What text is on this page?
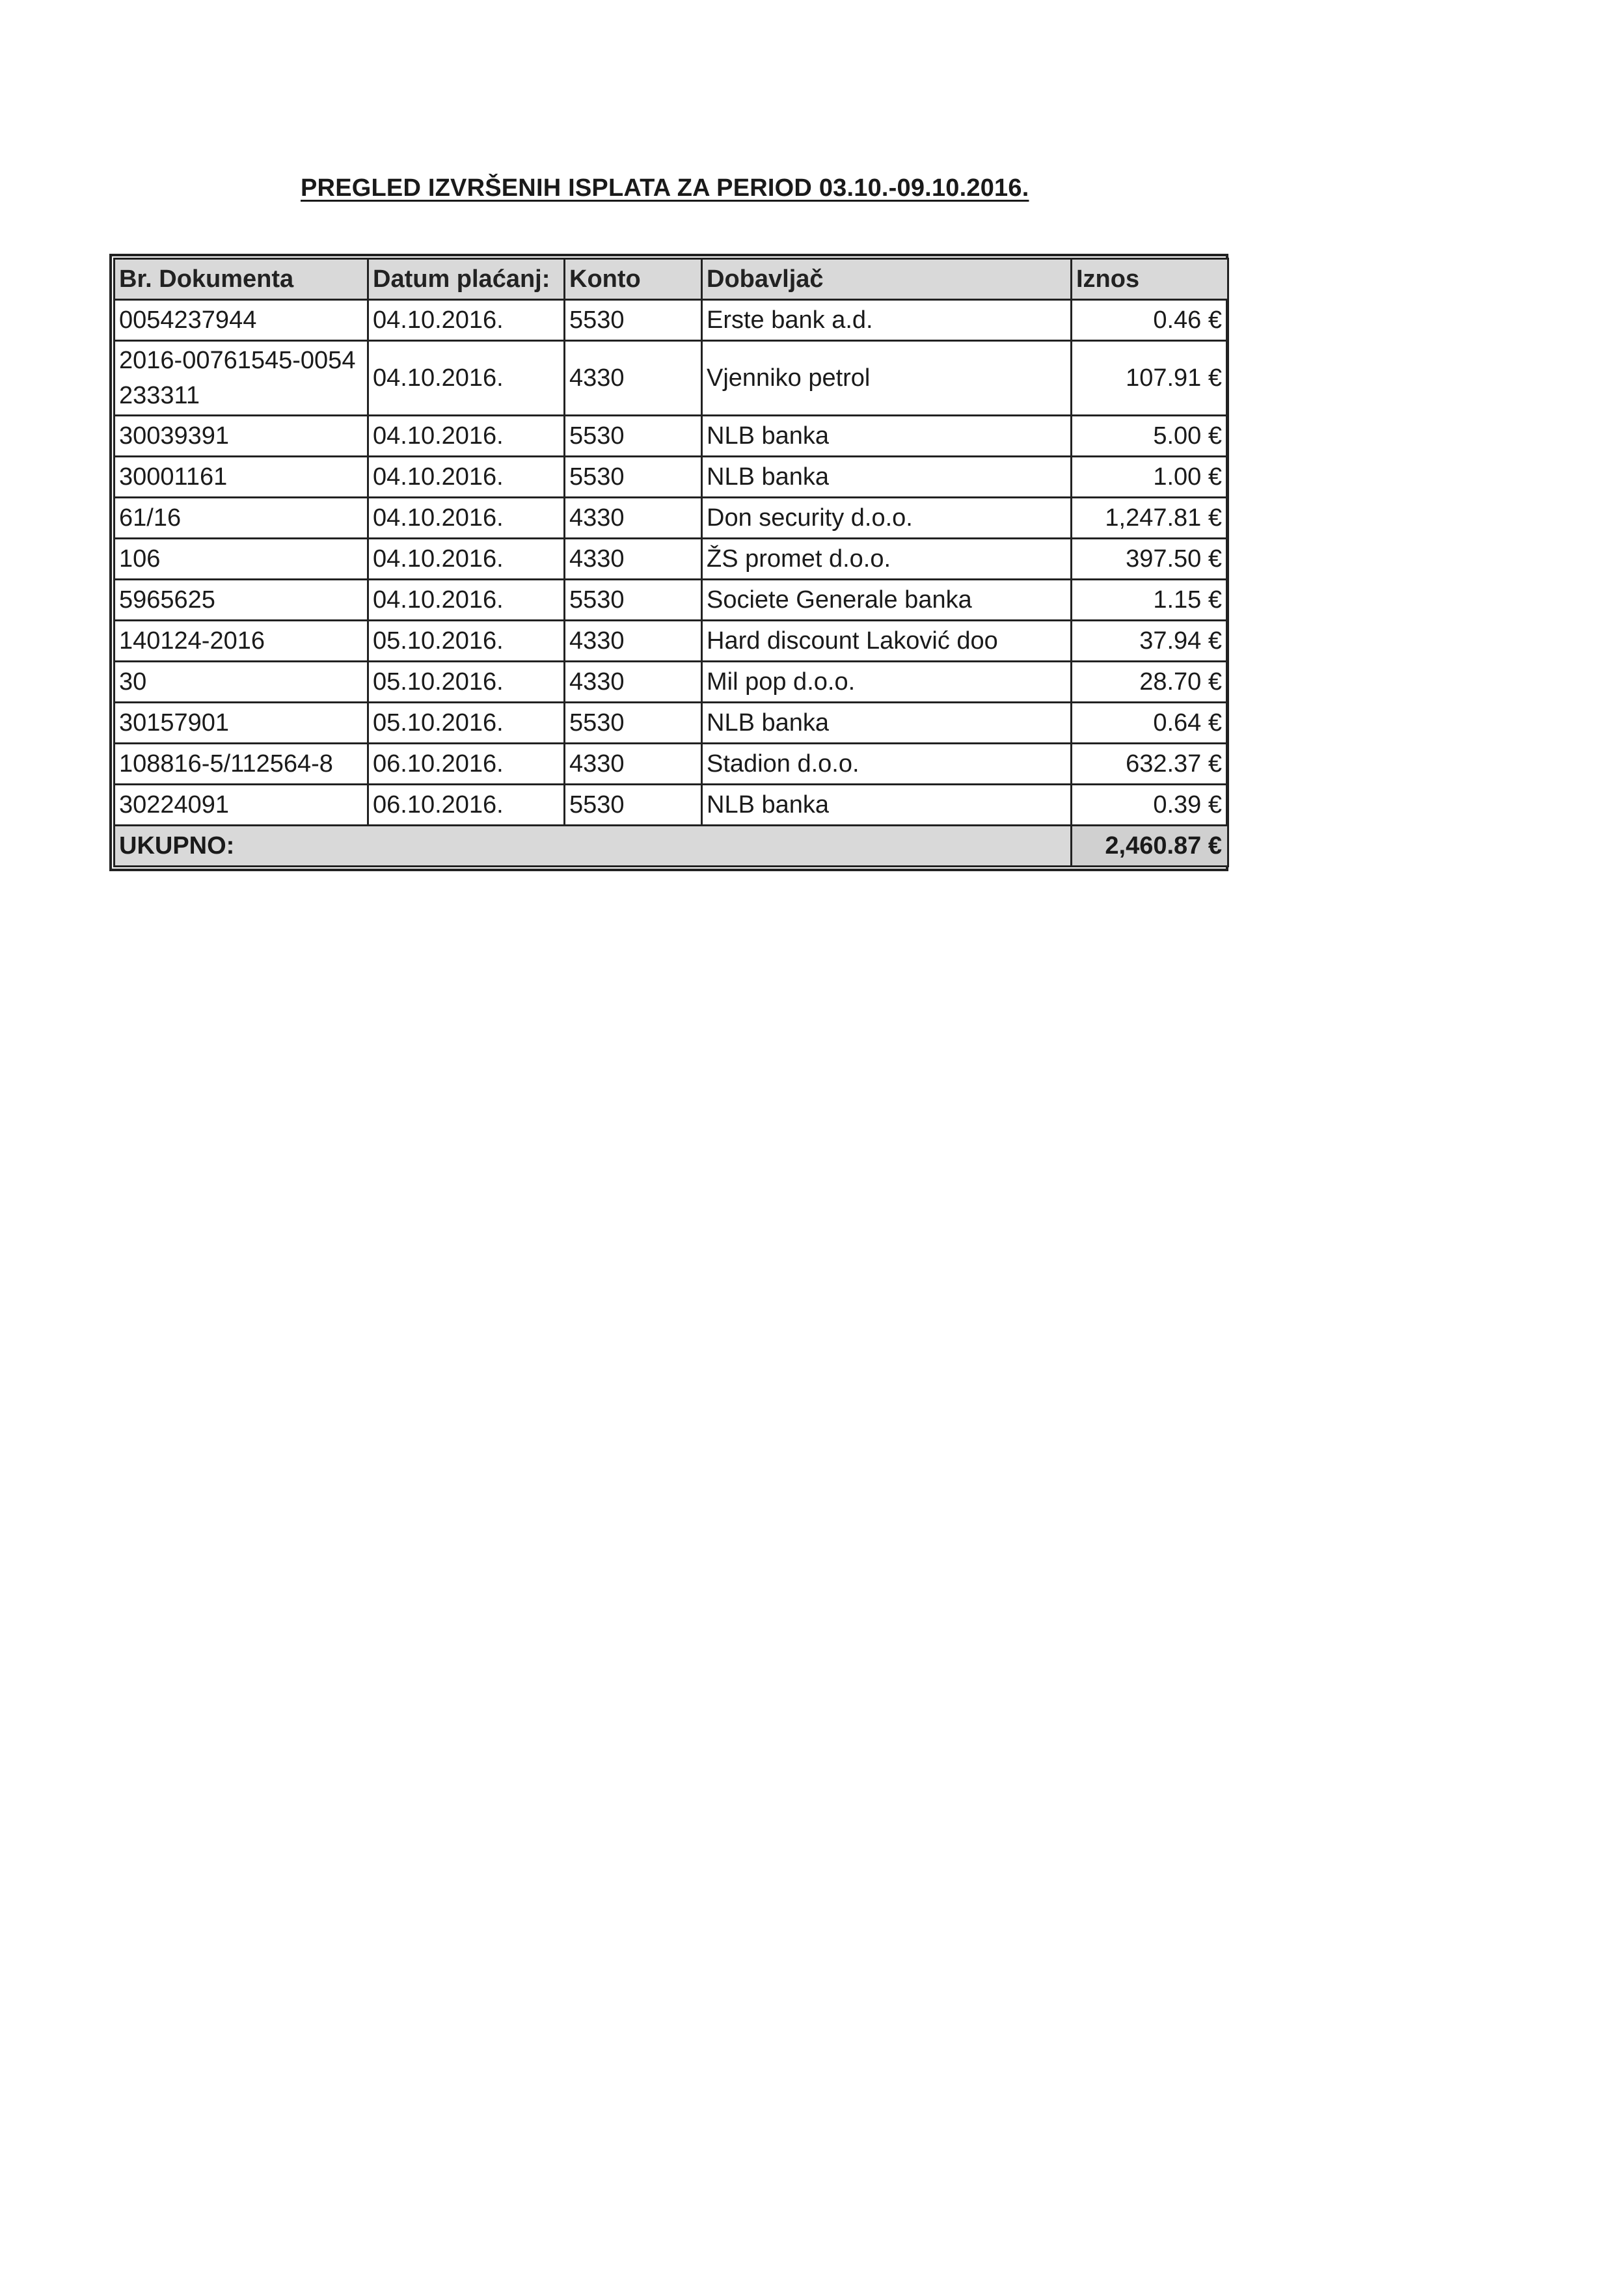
PREGLED IZVRŠENIH ISPLATA ZA PERIOD 03.10.-09.10.2016.
Br. Dokumenta	Datum plaćanj:	Konto	Dobavljač	Iznos
0054237944	04.10.2016.	5530	Erste bank a.d.	0.46 €
2016-00761545-0054233311	04.10.2016.	4330	Vjenniko petrol	107.91 €
30039391	04.10.2016.	5530	NLB banka	5.00 €
30001161	04.10.2016.	5530	NLB banka	1.00 €
61/16	04.10.2016.	4330	Don security d.o.o.	1,247.81 €
106	04.10.2016.	4330	ŽS promet d.o.o.	397.50 €
5965625	04.10.2016.	5530	Societe Generale banka	1.15 €
140124-2016	05.10.2016.	4330	Hard discount Laković doo	37.94 €
30	05.10.2016.	4330	Mil pop d.o.o.	28.70 €
30157901	05.10.2016.	5530	NLB banka	0.64 €
108816-5/112564-8	06.10.2016.	4330	Stadion d.o.o.	632.37 €
30224091	06.10.2016.	5530	NLB banka	0.39 €
UKUPNO:				2,460.87 €
